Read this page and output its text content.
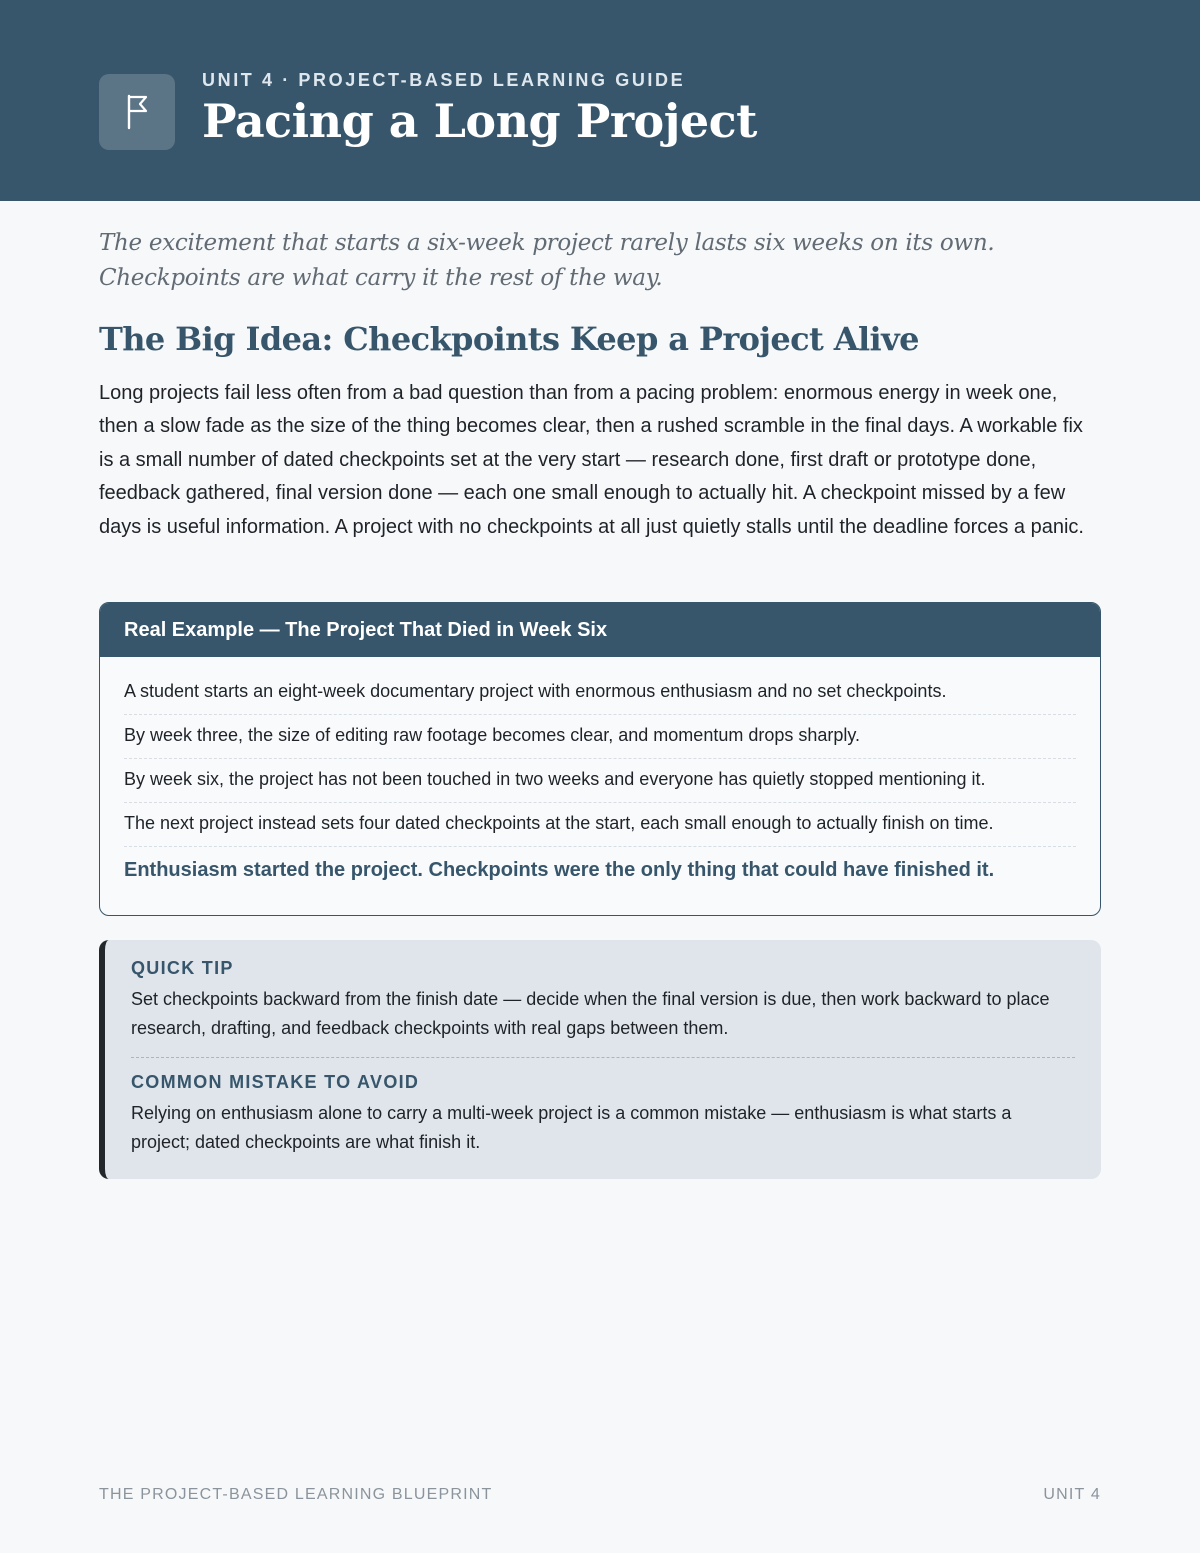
UNIT 4 · PROJECT-BASED LEARNING GUIDE
Pacing a Long Project

The excitement that starts a six-week project rarely lasts six weeks on its own. Checkpoints are what carry it the rest of the way.

The Big Idea: Checkpoints Keep a Project Alive

Long projects fail less often from a bad question than from a pacing problem: enormous energy in week one, then a slow fade as the size of the thing becomes clear, then a rushed scramble in the final days. A workable fix is a small number of dated checkpoints set at the very start — research done, first draft or prototype done, feedback gathered, final version done — each one small enough to actually hit. A checkpoint missed by a few days is useful information. A project with no checkpoints at all just quietly stalls until the deadline forces a panic.

Real Example — The Project That Died in Week Six
A student starts an eight-week documentary project with enormous enthusiasm and no set checkpoints.
By week three, the size of editing raw footage becomes clear, and momentum drops sharply.
By week six, the project has not been touched in two weeks and everyone has quietly stopped mentioning it.
The next project instead sets four dated checkpoints at the start, each small enough to actually finish on time.
Enthusiasm started the project. Checkpoints were the only thing that could have finished it.
QUICK TIP
Set checkpoints backward from the finish date — decide when the final version is due, then work backward to place research, drafting, and feedback checkpoints with real gaps between them.
COMMON MISTAKE TO AVOID
Relying on enthusiasm alone to carry a multi-week project is a common mistake — enthusiasm is what starts a project; dated checkpoints are what finish it.
THE PROJECT-BASED LEARNING BLUEPRINT	UNIT 4
